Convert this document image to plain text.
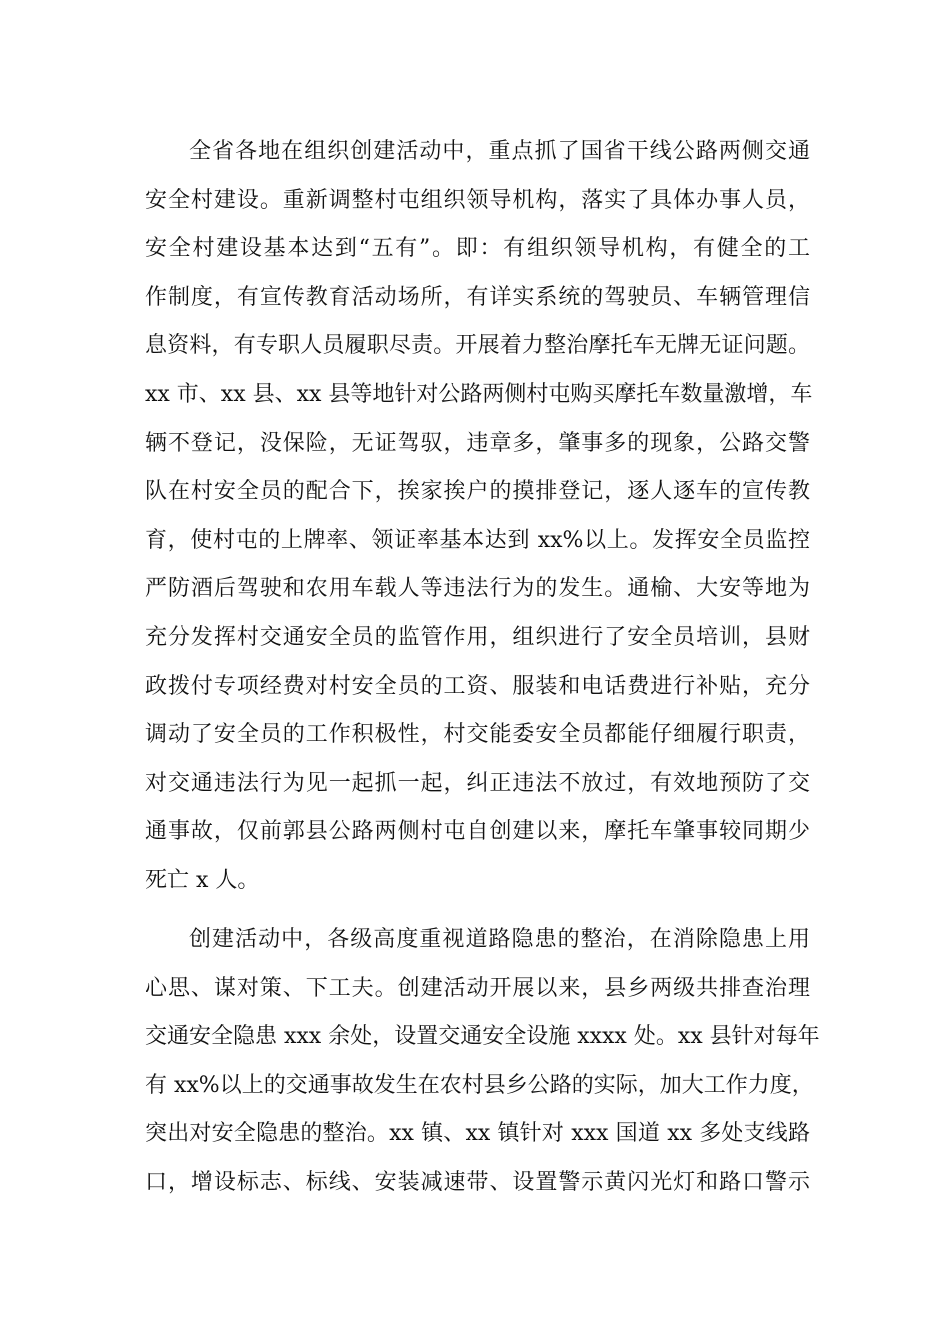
全省各地在组织创建活动中，重点抓了国省干线公路两侧交通
安全村建设。重新调整村屯组织领导机构，落实了具体办事人员，
安全村建设基本达到“五有”。即：有组织领导机构，有健全的工
作制度，有宣传教育活动场所，有详实系统的驾驶员、车辆管理信
息资料，有专职人员履职尽责。开展着力整治摩托车无牌无证问题。
xx 市、xx 县、xx 县等地针对公路两侧村屯购买摩托车数量激增，车
辆不登记，没保险，无证驾驭，违章多，肇事多的现象，公路交警
队在村安全员的配合下，挨家挨户的摸排登记，逐人逐车的宣传教
育，使村屯的上牌率、领证率基本达到 xx%以上。发挥安全员监控
严防酒后驾驶和农用车载人等违法行为的发生。通榆、大安等地为
充分发挥村交通安全员的监管作用，组织进行了安全员培训，县财
政拨付专项经费对村安全员的工资、服装和电话费进行补贴，充分
调动了安全员的工作积极性，村交能委安全员都能仔细履行职责，
对交通违法行为见一起抓一起，纠正违法不放过，有效地预防了交
通事故，仅前郭县公路两侧村屯自创建以来，摩托车肇事较同期少
死亡 x 人。
创建活动中，各级高度重视道路隐患的整治，在消除隐患上用
心思、谋对策、下工夫。创建活动开展以来，县乡两级共排查治理
交通安全隐患 xxx 余处，设置交通安全设施 xxxx 处。xx 县针对每年
有 xx%以上的交通事故发生在农村县乡公路的实际，加大工作力度，
突出对安全隐患的整治。xx 镇、xx 镇针对 xxx 国道 xx 多处支线路
口，增设标志、标线、安装减速带、设置警示黄闪光灯和路口警示
